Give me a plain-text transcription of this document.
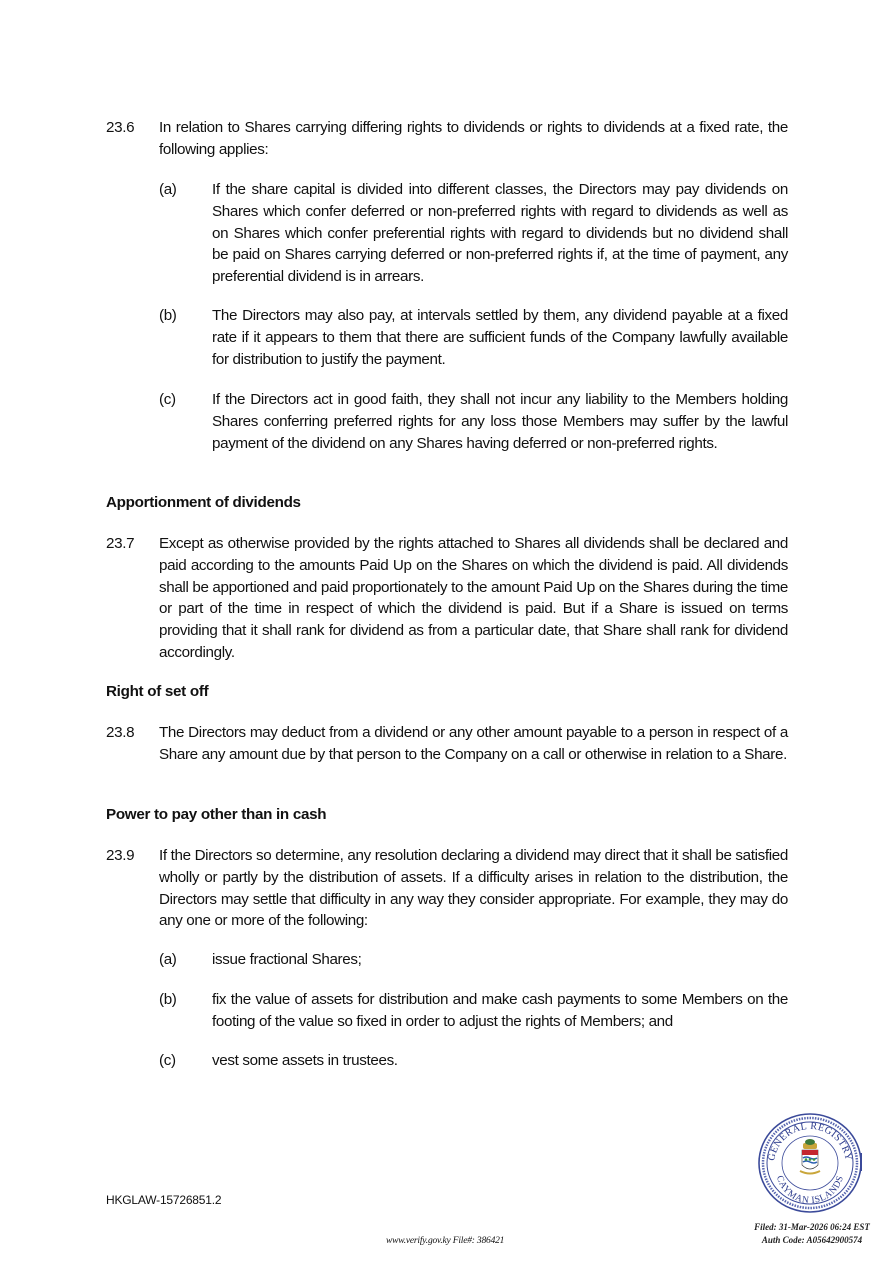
23.6 In relation to Shares carrying differing rights to dividends or rights to dividends at a fixed rate, the following applies:
(a) If the share capital is divided into different classes, the Directors may pay dividends on Shares which confer deferred or non-preferred rights with regard to dividends as well as on Shares which confer preferential rights with regard to dividends but no dividend shall be paid on Shares carrying deferred or non-preferred rights if, at the time of payment, any preferential dividend is in arrears.
(b) The Directors may also pay, at intervals settled by them, any dividend payable at a fixed rate if it appears to them that there are sufficient funds of the Company lawfully available for distribution to justify the payment.
(c) If the Directors act in good faith, they shall not incur any liability to the Members holding Shares conferring preferred rights for any loss those Members may suffer by the lawful payment of the dividend on any Shares having deferred or non-preferred rights.
Apportionment of dividends
23.7 Except as otherwise provided by the rights attached to Shares all dividends shall be declared and paid according to the amounts Paid Up on the Shares on which the dividend is paid. All dividends shall be apportioned and paid proportionately to the amount Paid Up on the Shares during the time or part of the time in respect of which the dividend is paid. But if a Share is issued on terms providing that it shall rank for dividend as from a particular date, that Share shall rank for dividend accordingly.
Right of set off
23.8 The Directors may deduct from a dividend or any other amount payable to a person in respect of a Share any amount due by that person to the Company on a call or otherwise in relation to a Share.
Power to pay other than in cash
23.9 If the Directors so determine, any resolution declaring a dividend may direct that it shall be satisfied wholly or partly by the distribution of assets. If a difficulty arises in relation to the distribution, the Directors may settle that difficulty in any way they consider appropriate. For example, they may do any one or more of the following:
(a) issue fractional Shares;
(b) fix the value of assets for distribution and make cash payments to some Members on the footing of the value so fixed in order to adjust the rights of Members; and
(c) vest some assets in trustees.
HKGLAW-15726851.2
www.verify.gov.ky File#: 386421
GENERAL REGISTRY
CAYMAN ISLANDS
Filed: 31-Mar-2026 06:24 EST
Auth Code: A05642900574
